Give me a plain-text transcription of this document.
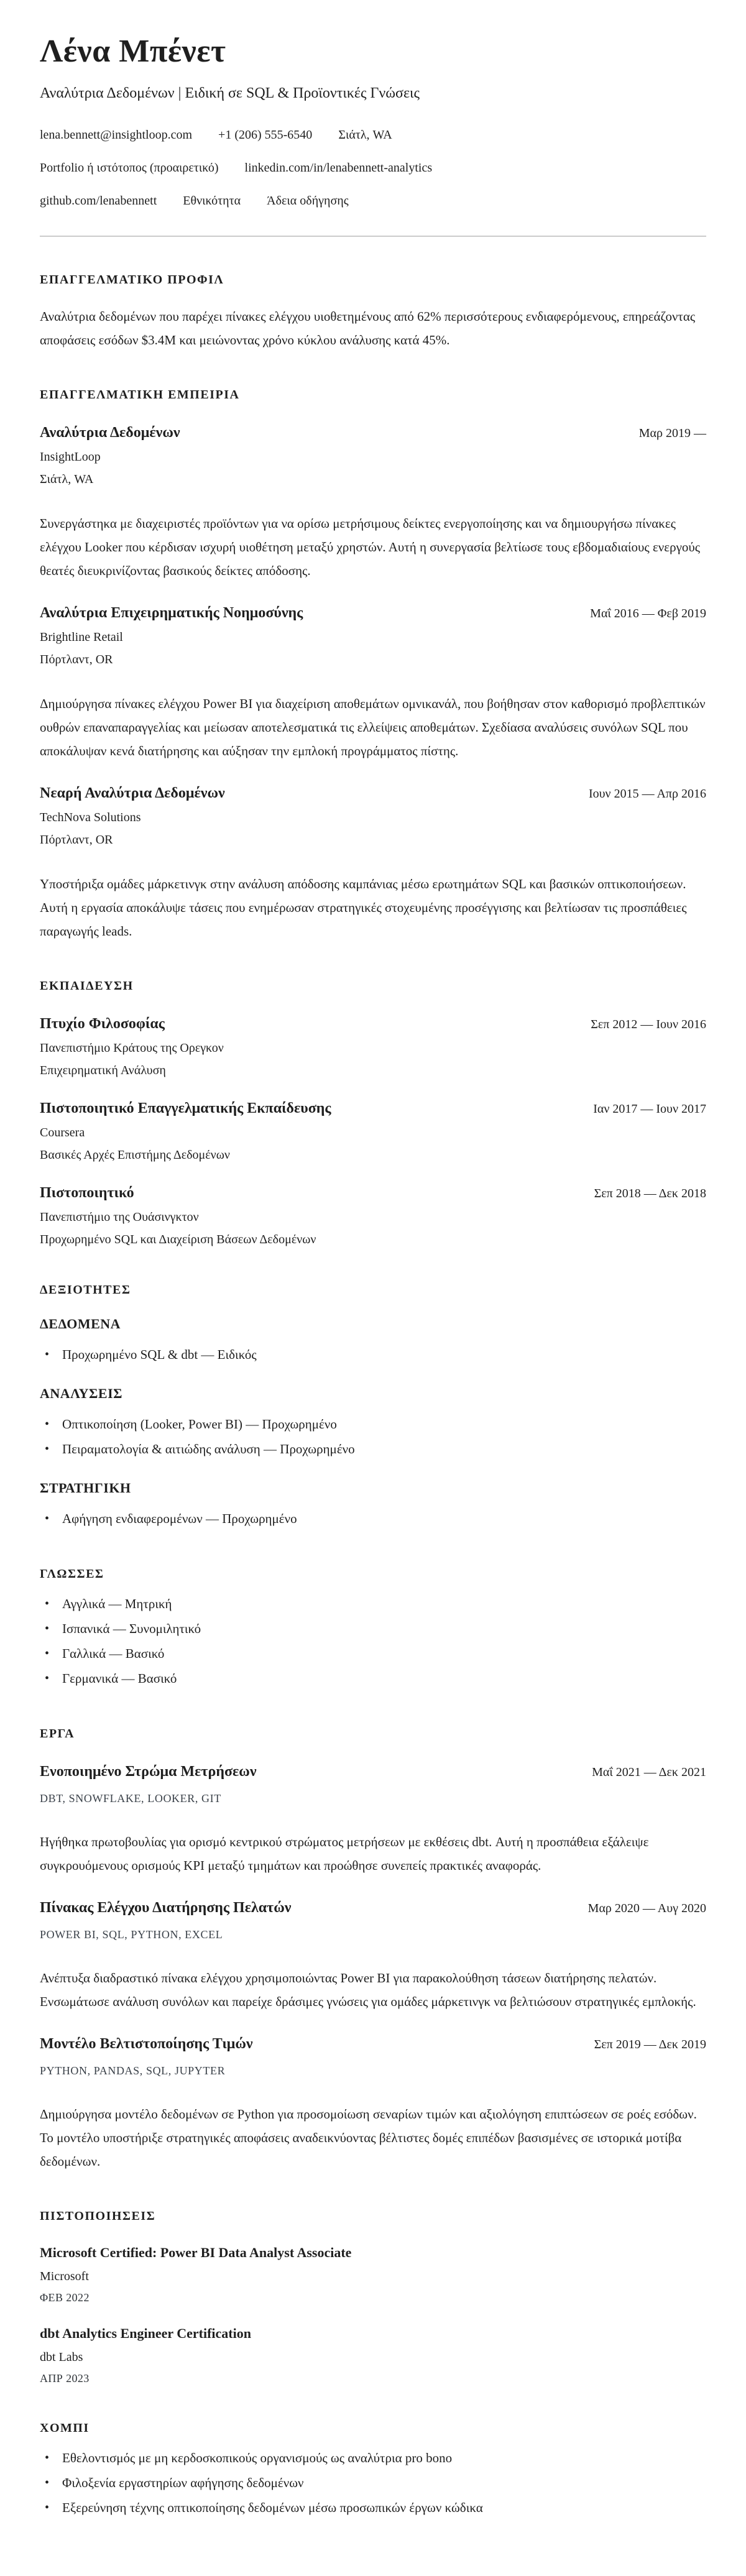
Λένα Μπένετ
Αναλύτρια Δεδομένων | Ειδική σε SQL & Προϊοντικές Γνώσεις
lena.bennett@insightloop.com +1 (206) 555-6540 Σιάτλ, WA
Portfolio ή ιστότοπος (προαιρετικό) linkedin.com/in/lenabennett-analytics
github.com/lenabennett Εθνικότητα Άδεια οδήγησης
ΕΠΑΓΓΕΛΜΑΤΙΚΟ ΠΡΟΦΙΛ

Αναλύτρια δεδομένων που παρέχει πίνακες ελέγχου υιοθετημένους από 62% περισσότερους ενδιαφερόμενους, επηρεάζοντας αποφάσεις εσόδων $3.4M και μειώνοντας χρόνο κύκλου ανάλυσης κατά 45%.

ΕΠΑΓΓΕΛΜΑΤΙΚΗ ΕΜΠΕΙΡΙΑ
Αναλύτρια Δεδομένων	Μαρ 2019 —
InsightLoop
Σιάτλ, WA

Συνεργάστηκα με διαχειριστές προϊόντων για να ορίσω μετρήσιμους δείκτες ενεργοποίησης και να δημιουργήσω πίνακες ελέγχου Looker που κέρδισαν ισχυρή υιοθέτηση μεταξύ χρηστών. Αυτή η συνεργασία βελτίωσε τους εβδομαδιαίους ενεργούς θεατές διευκρινίζοντας βασικούς δείκτες απόδοσης.

Αναλύτρια Επιχειρηματικής Νοημοσύνης	Μαΐ 2016 — Φεβ 2019
Brightline Retail
Πόρτλαντ, OR

Δημιούργησα πίνακες ελέγχου Power BI για διαχείριση αποθεμάτων ομνικανάλ, που βοήθησαν στον καθορισμό προβλεπτικών ουθρών επαναπαραγγελίας και μείωσαν αποτελεσματικά τις ελλείψεις αποθεμάτων. Σχεδίασα αναλύσεις συνόλων SQL που αποκάλυψαν κενά διατήρησης και αύξησαν την εμπλοκή προγράμματος πίστης.

Νεαρή Αναλύτρια Δεδομένων	Ιουν 2015 — Απρ 2016
TechNova Solutions
Πόρτλαντ, OR

Υποστήριξα ομάδες μάρκετινγκ στην ανάλυση απόδοσης καμπάνιας μέσω ερωτημάτων SQL και βασικών οπτικοποιήσεων. Αυτή η εργασία αποκάλυψε τάσεις που ενημέρωσαν στρατηγικές στοχευμένης προσέγγισης και βελτίωσαν τις προσπάθειες παραγωγής leads.

ΕΚΠΑΙΔΕΥΣΗ
Πτυχίο Φιλοσοφίας	Σεπ 2012 — Ιουν 2016
Πανεπιστήμιο Κράτους της Ορεγκον
Επιχειρηματική Ανάλυση
Πιστοποιητικό Επαγγελματικής Εκπαίδευσης	Ιαν 2017 — Ιουν 2017
Coursera
Βασικές Αρχές Επιστήμης Δεδομένων
Πιστοποιητικό	Σεπ 2018 — Δεκ 2018
Πανεπιστήμιο της Ουάσινγκτον
Προχωρημένο SQL και Διαχείριση Βάσεων Δεδομένων
ΔΕΞΙΟΤΗΤΕΣ
ΔΕΔΟΜΕΝΑ
• Προχωρημένο SQL & dbt — Ειδικός
ΑΝΑΛΥΣΕΙΣ
• Οπτικοποίηση (Looker, Power BI) — Προχωρημένο
• Πειραματολογία & αιτιώδης ανάλυση — Προχωρημένο
ΣΤΡΑΤΗΓΙΚΗ
• Αφήγηση ενδιαφερομένων — Προχωρημένο
ΓΛΩΣΣΕΣ
• Αγγλικά — Μητρική
• Ισπανικά — Συνομιλητικό
• Γαλλικά — Βασικό
• Γερμανικά — Βασικό
ΕΡΓΑ
Ενοποιημένο Στρώμα Μετρήσεων	Μαΐ 2021 — Δεκ 2021
DBT, SNOWFLAKE, LOOKER, GIT

Ηγήθηκα πρωτοβουλίας για ορισμό κεντρικού στρώματος μετρήσεων με εκθέσεις dbt. Αυτή η προσπάθεια εξάλειψε συγκρουόμενους ορισμούς KPI μεταξύ τμημάτων και προώθησε συνεπείς πρακτικές αναφοράς.

Πίνακας Ελέγχου Διατήρησης Πελατών	Μαρ 2020 — Αυγ 2020
POWER BI, SQL, PYTHON, EXCEL

Ανέπτυξα διαδραστικό πίνακα ελέγχου χρησιμοποιώντας Power BI για παρακολούθηση τάσεων διατήρησης πελατών. Ενσωμάτωσε ανάλυση συνόλων και παρείχε δράσιμες γνώσεις για ομάδες μάρκετινγκ να βελτιώσουν στρατηγικές εμπλοκής.

Μοντέλο Βελτιστοποίησης Τιμών	Σεπ 2019 — Δεκ 2019
PYTHON, PANDAS, SQL, JUPYTER

Δημιούργησα μοντέλο δεδομένων σε Python για προσομοίωση σεναρίων τιμών και αξιολόγηση επιπτώσεων σε ροές εσόδων. Το μοντέλο υποστήριξε στρατηγικές αποφάσεις αναδεικνύοντας βέλτιστες δομές επιπέδων βασισμένες σε ιστορικά μοτίβα δεδομένων.

ΠΙΣΤΟΠΟΙΗΣΕΙΣ
Microsoft Certified: Power BI Data Analyst Associate
Microsoft
ΦΕΒ 2022
dbt Analytics Engineer Certification
dbt Labs
ΑΠΡ 2023
ΧΟΜΠΙ
• Εθελοντισμός με μη κερδοσκοπικούς οργανισμούς ως αναλύτρια pro bono
• Φιλοξενία εργαστηρίων αφήγησης δεδομένων
• Εξερεύνηση τέχνης οπτικοποίησης δεδομένων μέσω προσωπικών έργων κώδικα
